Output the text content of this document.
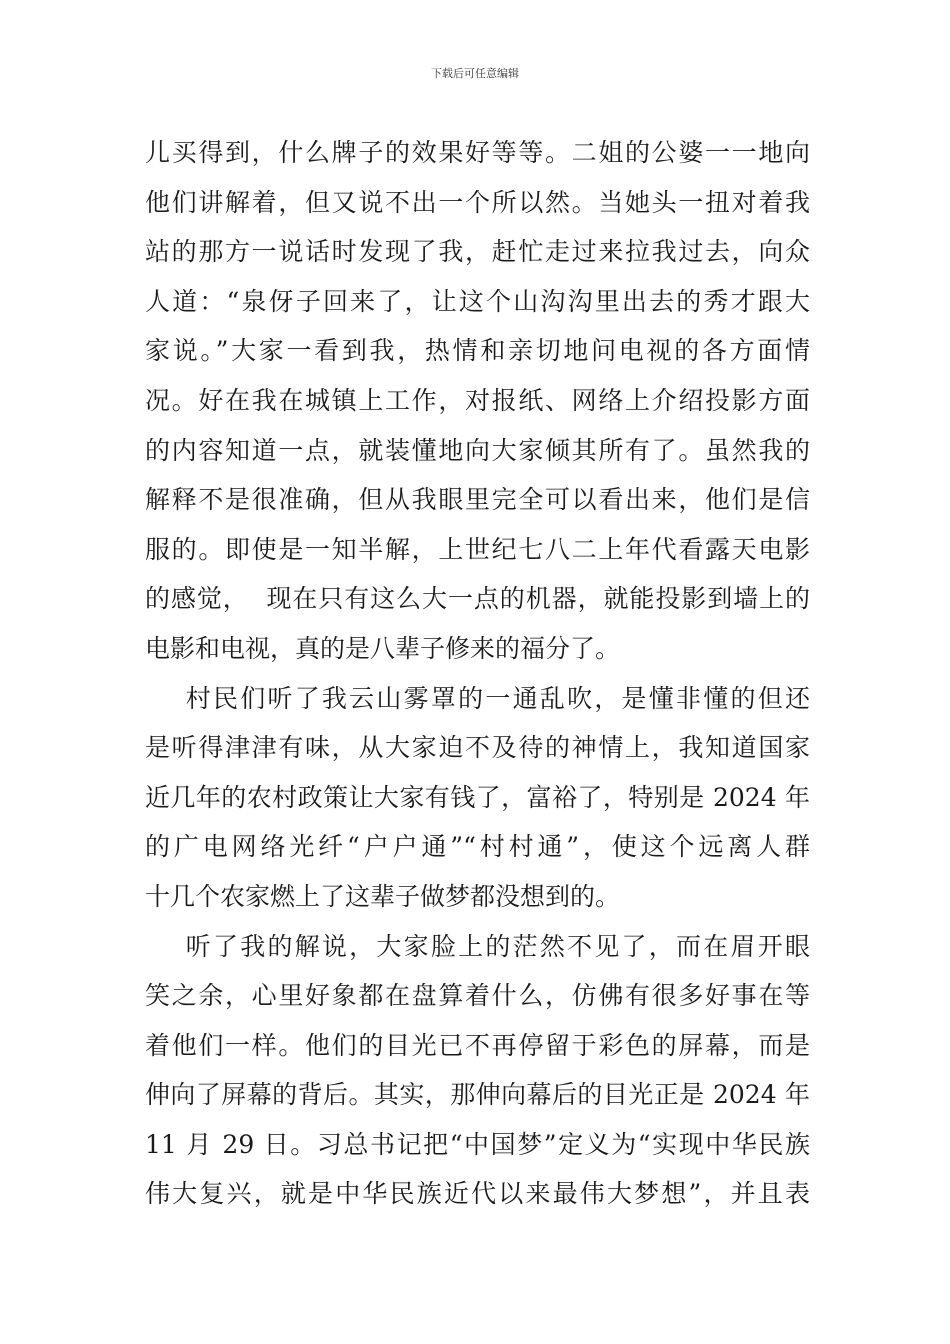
下载后可任意编辑
儿买得到，什么牌子的效果好等等。二姐的公婆一一地向
他们讲解着，但又说不出一个所以然。当她头一扭对着我
站的那方一说话时发现了我，赶忙走过来拉我过去，向众
人道：“泉伢子回来了，让这个山沟沟里出去的秀才跟大
家说。”大家一看到我，热情和亲切地问电视的各方面情
况。好在我在城镇上工作，对报纸、网络上介绍投影方面
的内容知道一点，就装懂地向大家倾其所有了。虽然我的
解释不是很准确，但从我眼里完全可以看出来，他们是信
服的。即使是一知半解，上世纪七八二上年代看露天电影
的感觉，  现在只有这么大一点的机器，就能投影到墙上的
电影和电视，真的是八辈子修来的福分了。
村民们听了我云山雾罩的一通乱吹，是懂非懂的但还
是听得津津有味，从大家迫不及待的神情上，我知道国家
近几年的农村政策让大家有钱了，富裕了，特别是 2024 年
的广电网络光纤“户户通”“村村通”，使这个远离人群
十几个农家燃上了这辈子做梦都没想到的。
听了我的解说，大家脸上的茫然不见了，而在眉开眼
笑之余，心里好象都在盘算着什么，仿佛有很多好事在等
着他们一样。他们的目光已不再停留于彩色的屏幕，而是
伸向了屏幕的背后。其实，那伸向幕后的目光正是 2024 年
11 月 29 日。习总书记把“中国梦”定义为“实现中华民族
伟大复兴，就是中华民族近代以来最伟大梦想”，并且表
